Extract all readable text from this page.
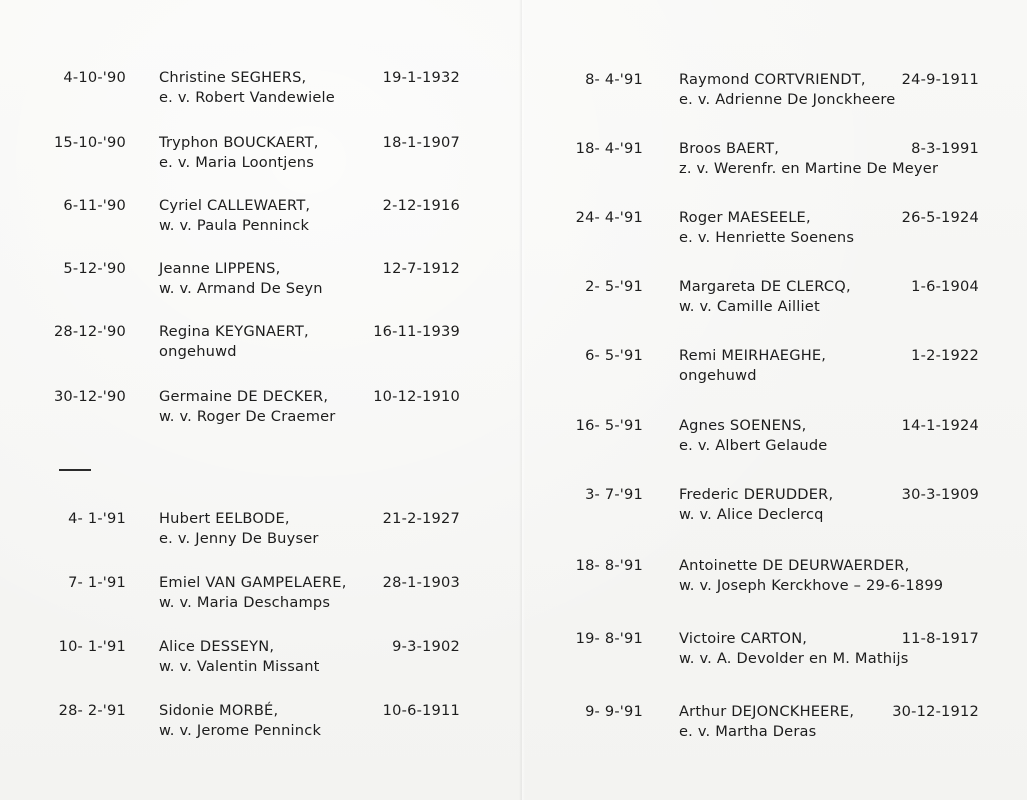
4-10-'90 Christine SEGHERS,
e. v. Robert Vandewiele
19-1-1932
15-10-'90 Tryphon BOUCKAERT,
e. v. Maria Loontjens
18-1-1907
6-11-'90 Cyriel CALLEWAERT,
w. v. Paula Penninck
2-12-1916
5-12-'90 Jeanne LIPPENS,
w. v. Armand De Seyn
12-7-1912
28-12-'90 Regina KEYGNAERT,
ongehuwd
16-11-1939
30-12-'90 Germaine DE DECKER,
w. v. Roger De Craemer
10-12-1910
4- 1-'91 Hubert EELBODE,
e. v. Jenny De Buyser
21-2-1927
7- 1-'91 Emiel VAN GAMPELAERE,
w. v. Maria Deschamps
28-1-1903
10- 1-'91 Alice DESSEYN,
w. v. Valentin Missant
9-3-1902
28- 2-'91 Sidonie MORBÉ,
w. v. Jerome Penninck
10-6-1911
8- 4-'91 Raymond CORTVRIENDT,
e. v. Adrienne De Jonckheere
24-9-1911
18- 4-'91 Broos BAERT,
z. v. Werenfr. en Martine De Meyer
8-3-1991
24- 4-'91 Roger MAESEELE,
e. v. Henriette Soenens
26-5-1924
2- 5-'91 Margareta DE CLERCQ,
w. v. Camille Ailliet
1-6-1904
6- 5-'91 Remi MEIRHAEGHE,
ongehuwd
1-2-1922
16- 5-'91 Agnes SOENENS,
e. v. Albert Gelaude
14-1-1924
3- 7-'91 Frederic DERUDDER,
w. v. Alice Declercq
30-3-1909
18- 8-'91 Antoinette DE DEURWAERDER,
w. v. Joseph Kerckhove – 29-6-1899
19- 8-'91 Victoire CARTON,
w. v. A. Devolder en M. Mathijs
11-8-1917
9- 9-'91 Arthur DEJONCKHEERE,
e. v. Martha Deras
30-12-1912
